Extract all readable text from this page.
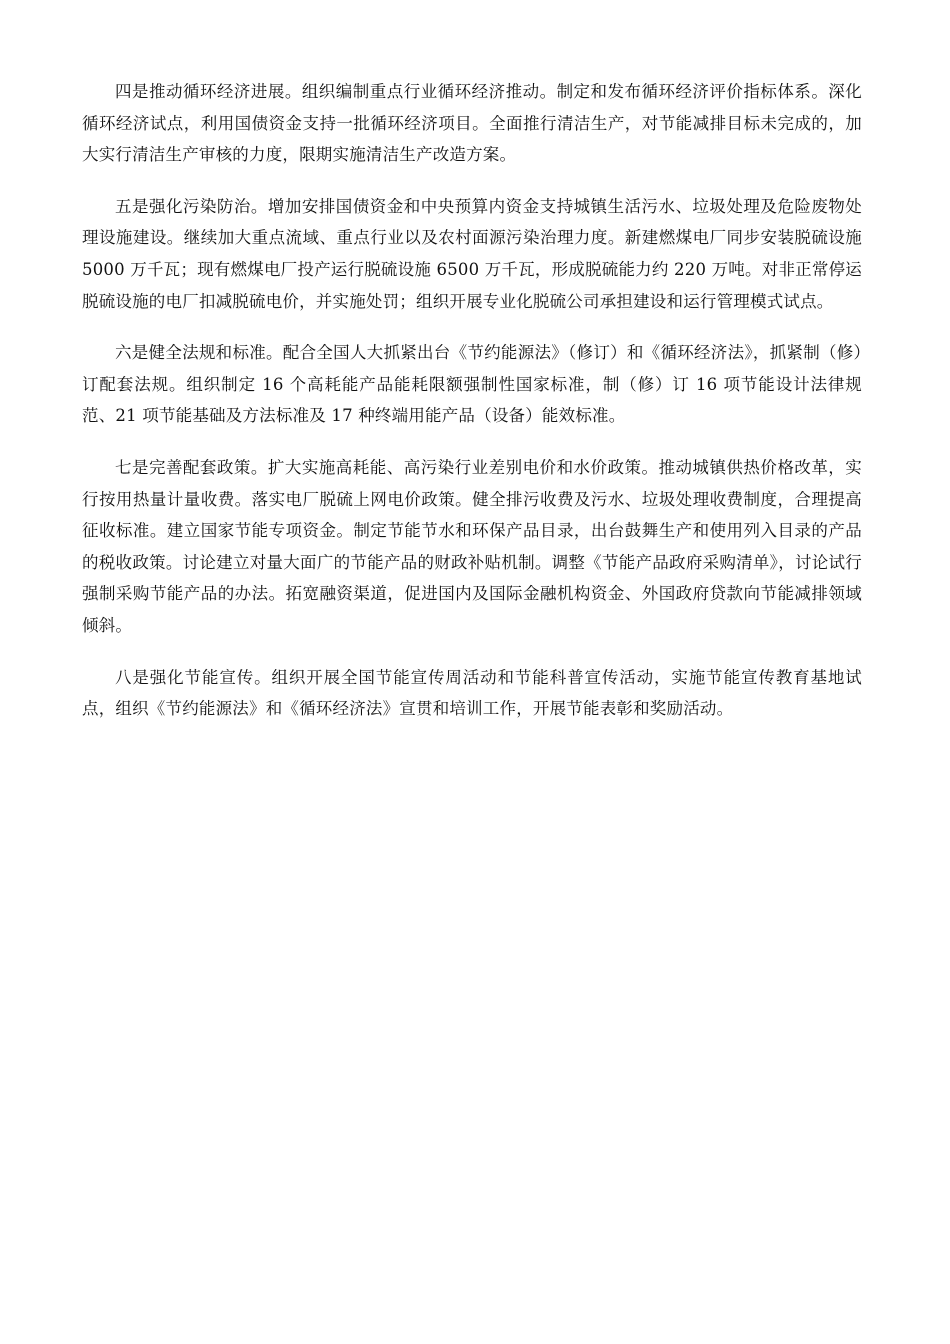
四是推动循环经济进展。组织编制重点行业循环经济推动。制定和发布循环经济评价指标体系。深化循环经济试点，利用国债资金支持一批循环经济项目。全面推行清洁生产，对节能减排目标未完成的，加大实行清洁生产审核的力度，限期实施清洁生产改造方案。

五是强化污染防治。增加安排国债资金和中央预算内资金支持城镇生活污水、垃圾处理及危险废物处理设施建设。继续加大重点流域、重点行业以及农村面源污染治理力度。新建燃煤电厂同步安装脱硫设施 5000 万千瓦；现有燃煤电厂投产运行脱硫设施 6500 万千瓦，形成脱硫能力约 220 万吨。对非正常停运脱硫设施的电厂扣减脱硫电价，并实施处罚；组织开展专业化脱硫公司承担建设和运行管理模式试点。

六是健全法规和标准。配合全国人大抓紧出台《节约能源法》（修订）和《循环经济法》，抓紧制（修）订配套法规。组织制定 16 个高耗能产品能耗限额强制性国家标准，制（修）订 16 项节能设计法律规范、21 项节能基础及方法标准及 17 种终端用能产品（设备）能效标准。

七是完善配套政策。扩大实施高耗能、高污染行业差别电价和水价政策。推动城镇供热价格改革，实行按用热量计量收费。落实电厂脱硫上网电价政策。健全排污收费及污水、垃圾处理收费制度，合理提高征收标准。建立国家节能专项资金。制定节能节水和环保产品目录，出台鼓舞生产和使用列入目录的产品的税收政策。讨论建立对量大面广的节能产品的财政补贴机制。调整《节能产品政府采购清单》，讨论试行强制采购节能产品的办法。拓宽融资渠道，促进国内及国际金融机构资金、外国政府贷款向节能减排领域倾斜。

八是强化节能宣传。组织开展全国节能宣传周活动和节能科普宣传活动，实施节能宣传教育基地试点，组织《节约能源法》和《循环经济法》宣贯和培训工作，开展节能表彰和奖励活动。
